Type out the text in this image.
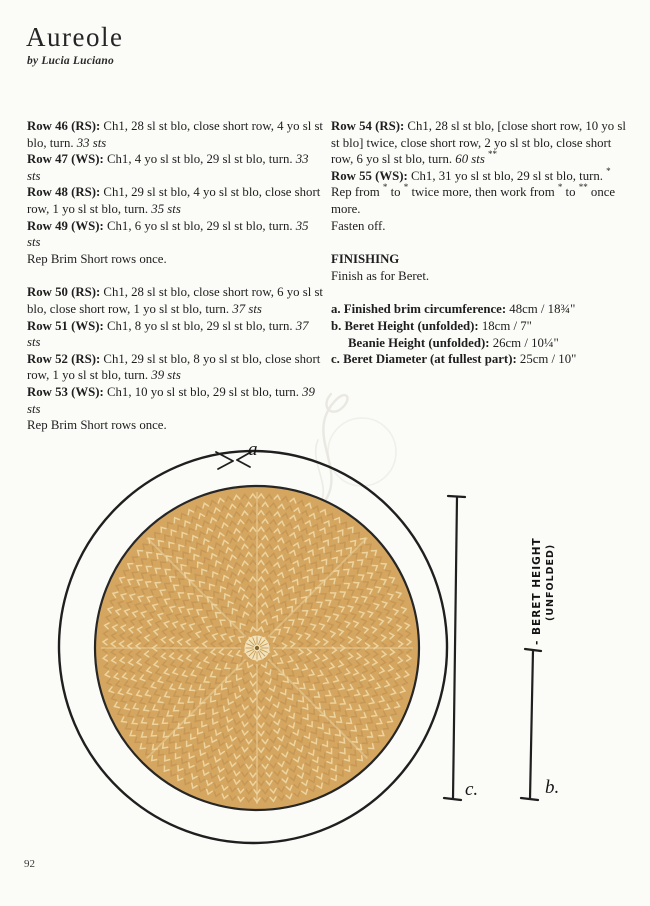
a
c.	b.
- BERET HEIGHT (UNFOLDED)
Aureole

by Lucia Luciano

Row 46 (RS): Ch1, 28 sl st blo, close short row, 4 yo sl st blo, turn. 33 sts
Row 47 (WS): Ch1, 4 yo sl st blo, 29 sl st blo, turn. 33 sts
Row 48 (RS): Ch1, 29 sl st blo, 4 yo sl st blo, close short row, 1 yo sl st blo, turn. 35 sts
Row 49 (WS): Ch1, 6 yo sl st blo, 29 sl st blo, turn. 35 sts
Rep Brim Short rows once.
Row 50 (RS): Ch1, 28 sl st blo, close short row, 6 yo sl st blo, close short row, 1 yo sl st blo, turn. 37 sts
Row 51 (WS): Ch1, 8 yo sl st blo, 29 sl st blo, turn. 37 sts
Row 52 (RS): Ch1, 29 sl st blo, 8 yo sl st blo, close short row, 1 yo sl st blo, turn. 39 sts
Row 53 (WS): Ch1, 10 yo sl st blo, 29 sl st blo, turn. 39 sts
Rep Brim Short rows once.
Row 54 (RS): Ch1, 28 sl st blo, [close short row, 10 yo sl st blo] twice, close short row, 2 yo sl st blo, close short row, 6 yo sl st blo, turn. 60 sts **
Row 55 (WS): Ch1, 31 yo sl st blo, 29 sl st blo, turn. *
Rep from * to * twice more, then work from * to ** once more.
Fasten off.
FINISHING
Finish as for Beret.
a. Finished brim circumference: 48cm / 18¾"
b. Beret Height (unfolded): 18cm / 7"
Beanie Height (unfolded): 26cm / 10¼"
c. Beret Diameter (at fullest part): 25cm / 10"
92
